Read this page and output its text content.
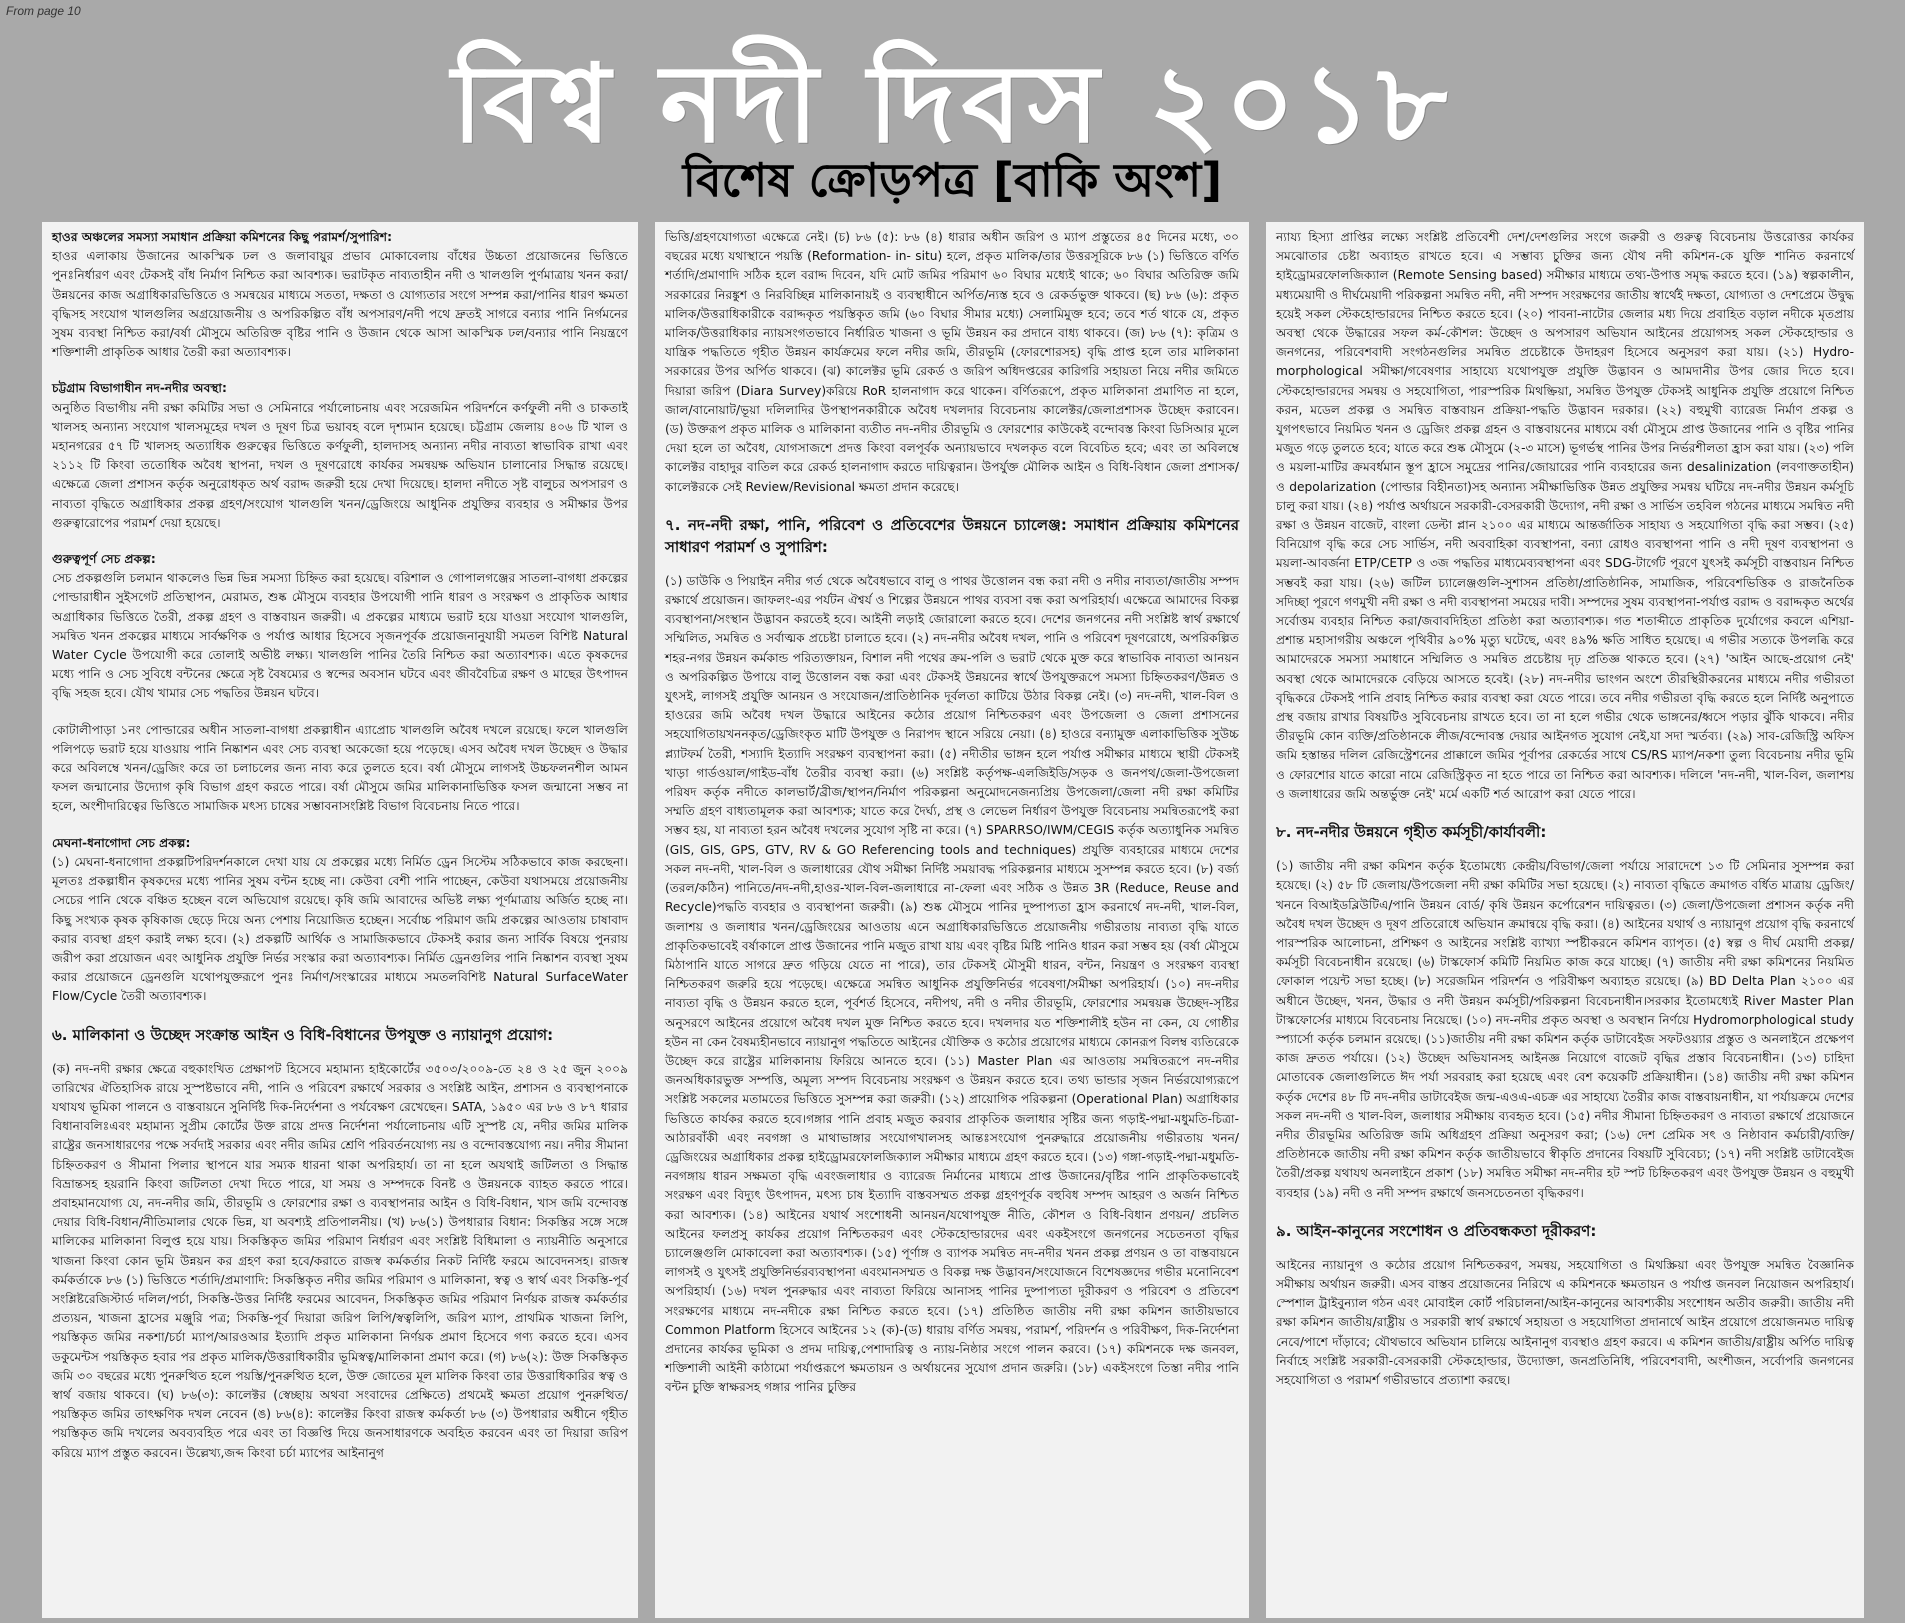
From page 10
বিশ্ব নদী দিবস ২০১৮
বিশেষ ক্রোড়পত্র [বাকি অংশ]

হাওর অঞ্চলের সমস্যা সমাধান প্রক্রিয়া কমিশনের কিছু পরামর্শ/সুপারিশ:
হাওর এলাকায় উজানের আকস্মিক ঢল ও জলাবায়ুর প্রভাব মোকাবেলায় বাঁধের উচ্চতা প্রয়োজনের ভিত্তিতে পুনঃনির্ধারণ এবং টেকসই বাঁধ নির্মাণ নিশ্চিত করা আবশ্যক। ভরাটকৃত নাব্যতাহীন নদী ও খালগুলি পুর্ণমাত্রায় খনন করা/উন্নয়নের কাজ অগ্রাধিকারভিত্তিতে ও সমন্বয়ের মাধ্যমে সততা, দক্ষতা ও যোগ্যতার সংগে সম্পন্ন করা/পানির ধারণ ক্ষমতা বৃদ্ধিসহ সংযোগ খালগুলির অগ্রয়োজনীয় ও অপরিকল্পিত বাঁধ অপসারণ/নদী পথে দ্রুতই সাগরে বন্যার পানি নির্গমনের সুষম ব্যবস্থা নিশ্চিত করা/বর্ষা মৌসুমে অতিরিক্ত বৃষ্টির পানি ও উজান থেকে আসা আকস্মিক ঢল/বন্যার পানি নিয়ন্ত্রণে শক্তিশালী প্রাকৃতিক আধার তৈরী করা অত্যাবশ্যক।

চট্টগ্রাম বিভাগাধীন নদ-নদীর অবস্থা:
অনুষ্ঠিত বিভাগীয় নদী রক্ষা কমিটির সভা ও সেমিনারে পর্যালোচনায় এবং সরেজমিন পরিদর্শনে কর্ণফুলী নদী ও চাকতাই খালসহ অন্যান্য সংযোগ খালসমূহের দখল ও দূষণ চিত্র ভয়াবহ বলে দৃশ্যমান হয়েছে। চট্টগ্রাম জেলায় ৪০৬ টি খাল ও মহানগরের ৫৭ টি খালসহ অত্যাধিক গুরুত্বের ভিত্তিতে কর্ণফুলী, হালদাসহ অন্যান্য নদীর নাব্যতা স্বাভাবিক রাখা এবং ২১১২ টি কিংবা ততোধিক অবৈধ স্থাপনা, দখল ও দূষণরোধে কার্যকর সমন্বয়ক্ষ অভিযান চালানোর সিদ্ধান্ত রয়েছে। এক্ষেত্রে জেলা প্রশাসন কর্তৃক অনুরোধকৃত অর্থ বরাদ্দ জরুরী হয়ে দেখা দিয়েছে। হালদা নদীতে সৃষ্ট বালুচর অপসারণ ও নাব্যতা বৃদ্ধিতে অগ্রাধিকার প্রকল্প গ্রহণ/সংযোগ খালগুলি খনন/ড্রেজিংয়ে আধুনিক প্রযুক্তির ব্যবহার ও সমীক্ষার উপর গুরুত্বারোপের পরামর্শ দেয়া হয়েছে।

গুরুত্বপূর্ণ সেচ প্রকল্প:
সেচ প্রকল্পগুলি চলমান থাকলেও ভিন্ন ভিন্ন সমস্যা চিহ্নিত করা হয়েছে। বরিশাল ও গোপালগঞ্জের সাতলা-বাগধা প্রকল্পের পোল্ডারাধীন সুইসগেট প্রতিস্থাপন, মেরামত, শুষ্ক মৌসুমে ব্যবহার উপযোগী পানি ধারণ ও সংরক্ষণ ও প্রাকৃতিক আধার অগ্রাধিকার ভিত্তিতে তৈরী, প্রকল্প গ্রহণ ও বাস্তবায়ন জরুরী। এ প্রকল্পের মাধ্যমে ভরাট হয়ে যাওয়া সংযোগ খালগুলি, সমন্বিত খনন প্রকল্পের মাধ্যমে সার্বক্ষণিক ও পর্যাপ্ত আধার হিসেবে সৃজনপূর্বক প্রয়োজনানুযায়ী সমতল বিশিষ্ট Natural Water Cycle উপযোগী করে তোলাই অভীষ্ট লক্ষ্য। খালগুলি পানির তৈরি নিশ্চিত করা অত্যাবশ্যক। এতে কৃষকদের মধ্যে পানি ও সেচ সুবিধে বন্টনের ক্ষেত্রে সৃষ্ট বৈষম্যের ও স্বন্দের অবসান ঘটবে এবং জীববৈচিত্র রক্ষণ ও মাছের উৎপাদন বৃদ্ধি সহজ হবে। যৌথ খামার সেচ পদ্ধতির উন্নয়ন ঘটবে।

কোটালীপাড়া ১নং পোল্ডারের অধীন সাতলা-বাগধা প্রকল্পাধীন এ্যাপ্রোচ খালগুলি অবৈধ দখলে রয়েছে। ফলে খালগুলি পলিপড়ে ভরাট হয়ে যাওয়ায় পানি নিষ্কাশন এবং সেচ ব্যবস্থা অকেজো হয়ে পড়েছে। এসব অবৈধ দখল উচ্ছেদ ও উদ্ধার করে অবিলম্বে খনন/ড্রেজিং করে তা চলাচলের জন্য নাব্য করে তুলতে হবে। বর্ষা মৌসুমে লাগসই উচ্চফলনশীল আমন ফসল জন্মানোর উদ্যোগ কৃষি বিভাগ গ্রহণ করতে পারে। বর্ষা মৌসুমে জমির মালিকানাভিত্তিক ফসল জন্মানো সম্ভব না হলে, অংশীদারিত্বের ভিত্তিতে সামাজিক মৎস্য চাষের সম্ভাবনাসংশ্লিষ্ট বিভাগ বিবেচনায় নিতে পারে।

মেঘনা-ধনাগোদা সেচ প্রকল্প:
(১) মেঘনা-ধনাগোদা প্রকল্পটিপরিদর্শনকালে দেখা যায় যে প্রকল্পের মধ্যে নির্মিত ড্রেন সিস্টেম সঠিকভাবে কাজ করছেনা। মূলতঃ প্রকল্পাধীন কৃষকদের মধ্যে পানির সুষম বন্টন হচ্ছে না। কেউবা বেশী পানি পাচ্ছেন, কেউবা যথাসময়ে প্রয়োজনীয় সেচের পানি থেকে বঞ্চিত হচ্ছেন বলে অভিযোগ রয়েছে। কৃষি জমি আবাদের অভিষ্ট লক্ষ্য পূর্ণমাত্রায় অর্জিত হচ্ছে না। কিছু সংখ্যক কৃষক কৃষিকাজ ছেড়ে দিয়ে অন্য পেশায় নিয়োজিত হচ্ছেন। সর্বোচ্চ পরিমাণ জমি প্রকল্পের আওতায় চাষাবাদ করার ব্যবস্থা গ্রহণ করাই লক্ষ্য হবে। (২) প্রকল্পটি আর্থিক ও সামাজিকভাবে টেকসই করার জন্য সার্বিক বিষয়ে পুনরায় জরীপ করা প্রয়োজন এবং আধুনিক প্রযুক্তি নির্ভর সংস্কার করা অত্যাবশ্যক। নির্মিত ড্রেনগুলির পানি নিষ্কাশন ব্যবস্থা সুষম করার প্রয়োজনে ড্রেনগুলি যথোপযুক্তরূপে পুনঃ নির্মাণ/সংস্কারের মাধ্যমে সমতলবিশিষ্ট Natural SurfaceWater Flow/Cycle তৈরী অত্যাবশ্যক।

৬. মালিকানা ও উচ্ছেদ সংক্রান্ত আইন ও বিধি-বিধানের উপযুক্ত ও ন্যায়ানুগ প্রয়োগ:

(ক) নদ-নদী রক্ষার ক্ষেত্রে বহুকাংখিত প্রেক্ষাপট হিসেবে মহামান্য হাইকোর্টের ৩৫০৩/২০০৯-তে ২৪ ও ২৫ জুন ২০০৯ তারিখের ঐতিহাসিক রায়ে সুস্পষ্টভাবে নদী, পানি ও পরিবেশ রক্ষার্থে সরকার ও সংশ্লিষ্ট আইন, প্রশাসন ও ব্যবস্থাপনাকে যথাযথ ভূমিকা পালনে ও বাস্তবায়নে সুনির্দিষ্ট দিক-নির্দেশনা ও পর্যবেক্ষণ রেখেছেন। SATA, ১৯৫০ এর ৮৬ ও ৮৭ ধারার বিধানাবলিঃএবং মহামান্য সুপ্রীম কোর্টের উক্ত রায়ে প্রদত্ত নির্দেশনা পর্যালোচনায় এটি সুস্পষ্ট যে, নদীর জমির মালিক রাষ্ট্রের জনসাধারণের পক্ষে সর্বদাই সরকার এবং নদীর জমির শ্রেণি পরিবর্তনযোগ্য নয় ও বন্দোবস্তযোগ্য নয়। নদীর সীমানা চিহ্নিতকরণ ও সীমানা পিলার স্থাপনে যার সম্যক ধারনা থাকা অপরিহার্য। তা না হলে অযথাই জটিলতা ও সিদ্ধান্ত বিভ্রান্তসহ হয়রানি কিংবা জটিলতা দেখা দিতে পারে, যা সময় ও সম্পদকে বিনষ্ট ও উন্নয়নকে ব্যাহত করতে পারে। প্রবাহমানযোগ্য যে, নদ-নদীর জমি, তীরভূমি ও ফোরশোর রক্ষা ও ব্যবস্থাপনার আইন ও বিধি-বিধান, খাস জমি বন্দোবস্ত দেয়ার বিধি-বিধান/নীতিমালার থেকে ভিন্ন, যা অবশ্যই প্রতিপালনীয়। (খ) ৮৬(১) উপধারার বিধান: সিকস্তির সঙ্গে সঙ্গে মালিকের মালিকানা বিলুপ্ত হয়ে যায়। সিকস্তিকৃত জমির পরিমাণ নির্ধারণ এবং সংশ্লিষ্ট বিধিমালা ও ন্যায়নীতি অনুসারে খাজনা কিংবা কোন ভূমি উন্নয়ন কর গ্রহণ করা হবে/করাতে রাজস্ব কর্মকর্তার নিকট নির্দিষ্ট ফরমে আবেদনসহ। রাজস্ব কর্মকর্তাকে ৮৬ (১) ভিত্তিতে শর্তাদি/প্রমাণাদি: সিকস্তিকৃত নদীর জমির পরিমাণ ও মালিকানা, স্বত্ব ও স্বার্থ এবং সিকস্তি-পূর্ব সংশ্লিষ্টরেজিস্টার্ড দলিল/পর্চা, সিকস্তি-উত্তর নির্দিষ্ট ফরমের আবেদন, সিকস্তিকৃত জমির পরিমাণ নির্ণয়ক রাজস্ব কর্মকর্তার প্রত্যয়ন, খাজনা হ্রাসের মঞ্জুরি পত্র; সিকস্তি-পূর্ব দিয়ারা জরিপ লিপি/স্বত্বলিপি, জরিপ ম্যাপ, প্রাথমিক খাজনা লিপি, পয়স্তিকৃত জমির নকশা/চর্চা ম্যাপ/আরওআর ইত্যাদি প্রকৃত মালিকানা নির্ণয়ক প্রমাণ হিসেবে গণ্য করতে হবে। এসব ডকুমেন্টস পয়স্তিকৃত হবার পর প্রকৃত মালিক/উত্তরাধিকারীর ভূমিস্বত্ব/মালিকানা প্রমাণ করে। (গ) ৮৬(২): উক্ত সিকস্তিকৃত জমি ৩০ বছরের মধ্যে পুনরুত্থিত হলে পয়স্তি/পুনরুত্থিত হলে, উক্ত জোতের মূল মালিক কিংবা তার উত্তরাধিকারির স্বত্ব ও স্বার্থ বজায় থাকবে। (ঘ) ৮৬(৩): কালেক্টর (স্বেচ্ছায় অথবা সংবাদের প্রেক্ষিতে) প্রথমেই ক্ষমতা প্রয়োগ পুনরুত্থিত/পয়স্তিকৃত জমির তাৎক্ষণিক দখল নেবেন (ঙ) ৮৬(৪): কালেক্টর কিংবা রাজস্ব কর্মকর্তা ৮৬ (৩) উপধারার অধীনে গৃহীত পয়স্তিকৃত জমি দখলের অবব্যবহিত পরে এবং তা বিজ্ঞপ্তি দিয়ে জনসাধারণকে অবহিত করবেন এবং তা দিয়ারা জরিপ করিয়ে ম্যাপ প্রস্তুত করবেন। উল্লেখ্য,জব্দ কিংবা চর্চা ম্যাপের আইনানুগ

ভিত্তি/গ্রহণযোগ্যতা এক্ষেত্রে নেই। (চ) ৮৬ (৫): ৮৬ (৪) ধারার অধীন জরিপ ও ম্যাপ প্রস্তুতের ৪৫ দিনের মধ্যে, ৩০ বছরের মধ্যে যথাস্থানে পয়স্তি (Reformation- in- situ) হলে, প্রকৃত মালিক/তার উত্তরসূরিকে ৮৬ (১) ভিত্তিতে বর্ণিত শর্তাদি/প্রমাণাদি সঠিক হলে বরাদ্দ দিবেন, যদি মোট জমির পরিমাণ ৬০ বিঘার মধ্যেই থাকে; ৬০ বিঘার অতিরিক্ত জমি সরকারের নিরঙ্কুশ ও নিরবিচ্ছিন্ন মালিকানায়ই ও ব্যবস্থাধীনে অর্পিত/ন্যস্ত হবে ও রেকর্ডভুক্ত থাকবে। (ছ) ৮৬ (৬): প্রকৃত মালিক/উত্তরাধিকারীকে বরাদ্দকৃত পয়স্তিকৃত জমি (৬০ বিঘার সীমার মধ্যে) সেলামিমুক্ত হবে; তবে শর্ত থাকে যে, প্রকৃত মালিক/উত্তরাধিকার ন্যায়সংগতভাবে নির্ধারিত খাজনা ও ভূমি উন্নয়ন কর প্রদানে বাধ্য থাকবে। (জ) ৮৬ (৭): কৃত্রিম ও যান্ত্রিক পদ্ধতিতে গৃহীত উন্নয়ন কার্যক্রমের ফলে নদীর জমি, তীরভূমি (ফোরশোরসহ) বৃদ্ধি প্রাপ্ত হলে তার মালিকানা সরকারের উপর অর্পিত থাকবে। (ঝ) কালেক্টর ভূমি রেকর্ড ও জরিপ অধিদপ্তরের কারিগরি সহায়তা নিয়ে নদীর জমিতে দিয়ারা জরিপ (Diara Survey)করিয়ে RoR হালনাগাদ করে থাকেন। বর্ণিতরূপে, প্রকৃত মালিকানা প্রমাণিত না হলে, জাল/বানোয়াট/ভূয়া দলিলাদির উপস্থাপনকারীকে অবৈধ দখলদার বিবেচনায় কালেক্টর/জেলাপ্রশাসক উচ্ছেদ করাবেন। (ড) উক্তরূপ প্রকৃত মালিক ও মালিকানা ব্যতীত নদ-নদীর তীরভূমি ও ফোরশোর কাউকেই বন্দোবস্ত কিংবা ডিসিআর মূলে দেয়া হলে তা অবৈধ, যোগসাজশে প্রদত্ত কিংবা বলপূর্বক অন্যায়ভাবে দখলকৃত বলে বিবেচিত হবে; এবং তা অবিলম্বে কালেক্টর বাহাদুর বাতিল করে রেকর্ড হালনাগাদ করতে দায়িত্বরান। উপর্যুক্ত মৌলিক আইন ও বিধি-বিধান জেলা প্রশাসক/কালেক্টরকে সেই Review/Revisional ক্ষমতা প্রদান করেছে।

৭. নদ-নদী রক্ষা, পানি, পরিবেশ ও প্রতিবেশের উন্নয়নে চ্যালেঞ্জ: সমাধান প্রক্রিয়ায় কমিশনের সাধারণ পরামর্শ ও সুপারিশ:

(১) ডাউকি ও পিয়াইন নদীর গর্ত থেকে অবৈধভাবে বালু ও পাথর উত্তোলন বন্ধ করা নদী ও নদীর নাব্যতা/জাতীয় সম্পদ রক্ষার্থে প্রয়োজন। জাফলং-এর পর্যটন ঐশ্বর্য ও শিল্পের উন্নয়নে পাথর ব্যবসা বন্ধ করা অপরিহার্য। এক্ষেত্রে আমাদের বিকল্প ব্যবস্থাপনা/সংস্থান উদ্ভাবন করতেই হবে। আইনী লড়াই জোরালো করতে হবে। দেশের জনগনের নদী সংশ্লিষ্ট স্বার্থ রক্ষার্থে সম্মিলিত, সমন্বিত ও সর্বাত্মক প্রচেষ্টা চালাতে হবে। (২) নদ-নদীর অবৈধ দখল, পানি ও পরিবেশ দূষণরোধে, অপরিকল্পিত শহর-নগর উন্নয়ন কর্মকান্ড পরিত্যক্তায়ন, বিশাল নদী পথের ক্রম-পলি ও ভরাট থেকে মুক্ত করে স্বাভাবিক নাব্যতা আনয়ন ও অপরিকল্পিত উপায়ে বালু উত্তোলন বন্ধ করা এবং টেকসই উন্নয়নের স্বার্থে উপযুক্তরূপে সমস্যা চিহ্নিতকরণ/উন্নত ও যুৎসই, লাগসই প্রযুক্তি আনয়ন ও সংযোজন/প্রাতিষ্ঠানিক দূর্বলতা কাটিয়ে উঠার বিকল্প নেই। (৩) নদ-নদী, খাল-বিল ও হাওরের জমি অবৈধ দখল উদ্ধারে আইনের কঠোর প্রয়োগ নিশ্চিতকরণ এবং উপজেলা ও জেলা প্রশাসনের সহযোগিতায়খননকৃত/ড্রেজিংকৃত মাটি উপযুক্ত ও নিরাপদ স্থানে সরিয়ে নেয়া। (৪) হাওরে বন্যামুক্ত এলাকাভিত্তিক সুউচ্চ প্ল্যাটফর্ম তৈরী, শস্যাদি ইত্যাদি সংরক্ষণ ব্যবস্থাপনা করা। (৫) নদীতীর ভাঙ্গন হলে পর্যাপ্ত সমীক্ষার মাধ্যমে স্থায়ী টেকসই খাড়া গার্ডওয়াল/গাইড-বাঁধ তৈরীর ব্যবস্থা করা। (৬) সংশ্লিষ্ট কর্তৃপক্ষ-এলজিইডি/সড়ক ও জনপথ/জেলা-উপজেলা পরিষদ কর্তৃক নদীতে কালভার্ট/ব্রীজ/স্থাপন/নির্মাণ পরিকল্পনা অনুমোদনেজন্যপ্রিয় উপজেলা/জেলা নদী রক্ষা কমিটির সম্মতি গ্রহণ বাধ্যতামূলক করা আবশ্যক; যাতে করে দৈর্ঘ্য, প্রস্থ ও লেভেল নির্ধারণ উপযুক্ত বিবেচনায় সমন্বিতরূপেই করা সম্ভব হয়, যা নাব্যতা হরন অবৈধ দখলের সুযোগ সৃষ্টি না করে। (৭) SPARRSO/IWM/CEGIS কর্তৃক অত্যাধুনিক সমন্বিত (GIS, GIS, GPS, GTV, RV & GO Referencing tools and techniques) প্রযুক্তি ব্যবহারের মাধ্যমে দেশের সকল নদ-নদী, খাল-বিল ও জলাধারের যৌথ সমীক্ষা নির্দিষ্ট সময়াবদ্ধ পরিকল্পনার মাধ্যমে সুসম্পন্ন করতে হবে। (৮) বর্জ্য (তরল/কঠিন) পানিতে/নদ-নদী,হাওর-খাল-বিল-জলাধারে না-ফেলা এবং সঠিক ও উন্নত 3R (Reduce, Reuse and Recycle)পদ্ধতি ব্যবহার ও ব্যবস্থাপনা জরুরী। (৯) শুষ্ক মৌসুমে পানির দুষ্পাপ্যতা হ্রাস করনার্থে নদ-নদী, খাল-বিল, জলাশয় ও জলাধার খনন/ড্রেজিংয়ের আওতায় এনে অগ্রাধিকারভিত্তিতে প্রয়োজনীয় গভীরতায় নাব্যতা বৃদ্ধি যাতে প্রাকৃতিকভাবেই বর্ষাকালে প্রাপ্ত উজানের পানি মজুত রাখা যায় এবং বৃষ্টির মিষ্টি পানিও ধারন করা সম্ভব হয় (বর্ষা মৌসুমে মিঠাপানি যাতে সাগরে দ্রুত গড়িয়ে যেতে না পারে), তার টেকসই মৌসুমী ধারন, বন্টন, নিয়ন্ত্রণ ও সংরক্ষণ ব্যবস্থা নিশ্চিতকরণ জরুরি হয়ে পড়েছে। এক্ষেত্রে সমন্বিত আধুনিক প্রযুক্তিনির্ভর গবেষণা/সমীক্ষা অপরিহার্য। (১০) নদ-নদীর নাব্যতা বৃদ্ধি ও উন্নয়ন করতে হলে, পূর্বশর্ত হিসেবে, নদীপথ, নদী ও নদীর তীরভূমি, ফোরশোর সমন্বয়ক্ক উচ্ছেদ-সৃষ্টির অনুসরণে আইনের প্রয়োগে অবৈধ দখল মুক্ত নিশ্চিত করতে হবে। দখলদার যত শক্তিশালীই হউন না কেন, যে গোষ্ঠীর হউন না কেন বৈষম্যহীনভাবে ন্যায়ানুগ পদ্ধতিতে আইনের যৌক্তিক ও কঠোর প্রয়োগের মাধ্যমে কোনরূপ বিলম্ব ব্যতিরেকে উচ্ছেদ করে রাষ্ট্রের মালিকানায় ফিরিয়ে আনতে হবে। (১১) Master Plan এর আওতায় সমন্বিতরূপে নদ-নদীর জনঅধিকারভুক্ত সম্পত্তি, অমূল্য সম্পদ বিবেচনায় সংরক্ষণ ও উন্নয়ন করতে হবে। তথ্য ভান্ডার সৃজন নির্ভরযোগ্যরূপে সংশ্লিষ্ট সকলের মতামতের ভিত্তিতে সুসম্পন্ন করা জরুরী। (১২) প্রায়োগিক পরিকল্পনা (Operational Plan) অগ্রাধিকার ভিত্তিতে কার্যকর করতে হবে।গঙ্গার পানি প্রবাহ মজুত করবার প্রাকৃতিক জলাধার সৃষ্টির জন্য গড়াই-পদ্মা-মধুমতি-চিত্রা-আঠারবাঁকী এবং নবগঙ্গা ও মাথাভাঙ্গার সংযোগখালসহ আন্তঃসংযোগ পুনরুদ্ধারে প্রয়োজনীয় গভীরতায় খনন/ড্রেজিংয়ের অগ্রাধিকার প্রকল্প হাইড্রোমরফোলজিক্যাল সমীক্ষার মাধ্যমে গ্রহণ করতে হবে। (১৩) গঙ্গা-গড়াই-পদ্মা-মধুমতি-নবগঙ্গায় ধারন সক্ষমতা বৃদ্ধি এবংজলাধার ও ব্যারেজ নির্মানের মাধ্যমে প্রাপ্ত উজানের/বৃষ্টির পানি প্রাকৃতিকভাবেই সংরক্ষণ এবং বিদ্যুৎ উৎপাদন, মৎস্য চাষ ইত্যাদি বাস্তবসম্মত প্রকল্প গ্রহণপূর্বক বহুবিধ সম্পদ আহরণ ও অর্জন নিশ্চিত করা আবশ্যক। (১৪) আইনের যথার্থ সংশোধনী আনয়ন/যথোপযুক্ত নীতি, কৌশল ও বিধি-বিধান প্রণয়ন/ প্রচলিত আইনের ফলপ্রসু কার্যকর প্রয়োগ নিশ্চিতকরণ এবং স্টেকহোল্ডারদের এবং একইসংগে জনগনের সচেতনতা বৃদ্ধির চ্যালেঞ্জগুলি মোকাবেলা করা অত্যাবশ্যক। (১৫) পূর্ণাঙ্গ ও ব্যাপক সমন্বিত নদ-নদীর খনন প্রকল্প প্রণয়ন ও তা বাস্তবায়নে লাগসই ও যুৎসই প্রযুক্তিনির্ভরব্যবস্থাপনা এবংমানসম্মত ও বিকল্প দক্ষ উদ্ভাবন/সংযোজনে বিশেষজ্ঞদের গভীর মনোনিবেশ অপরিহার্য। (১৬) দখল পুনরুদ্ধার এবং নাব্যতা ফিরিয়ে আনাসহ পানির দুষ্পাপ্যতা দূরীকরণ ও পরিবেশ ও প্রতিবেশ সংরক্ষণের মাধ্যমে নদ-নদীকে রক্ষা নিশ্চিত করতে হবে। (১৭) প্রতিষ্ঠিত জাতীয় নদী রক্ষা কমিশন জাতীয়ভাবে Common Platform হিসেবে আইনের ১২ (ক)-(ড) ধারায় বর্ণিত সমন্বয়, পরামর্শ, পরিদর্শন ও পরিবীক্ষণ, দিক-নির্দেশনা প্রদানের কার্যকর ভূমিকা ও প্রদম দায়িত্ব,পেশাদারিত্ব ও ন্যায়-নিষ্ঠার সংগে পালন করবে। (১৭) কমিশনকে দক্ষ জনবল, শক্তিশালী আইনী কাঠামো পর্যাপ্তরূপে ক্ষমতায়ন ও অর্থায়নের সুযোগ প্রদান জরুরি। (১৮) একইসংগে তিস্তা নদীর পানি বন্টন চুক্তি স্বাক্ষরসহ গঙ্গার পানির চুক্তির

ন্যায্য হিস্যা প্রাপ্তির লক্ষ্যে সংশ্লিষ্ট প্রতিবেশী দেশ/দেশগুলির সংগে জরুরী ও গুরুত্ব বিবেচনায় উত্তরোত্তর কার্যকর সমঝোতার চেষ্টা অব্যাহত রাখতে হবে। এ সম্ভাব্য চুক্তির জন্য যৌথ নদী কমিশন-কে যুক্তি শানিত করনার্থে হাইড্রোমরফোলজিক্যাল (Remote Sensing based) সমীক্ষার মাধ্যমে তথ্য-উপাত্ত সমৃদ্ধ করতে হবে। (১৯) স্বল্পকালীন, মধ্যমেয়াদী ও দীর্ঘমেয়াদী পরিকল্পনা সমন্বিত নদী, নদী সম্পদ সংরক্ষণের জাতীয় স্বার্থেই দক্ষতা, যোগ্যতা ও দেশপ্রেমে উদ্বুদ্ধ হয়েই সকল স্টেকহোল্ডারদের নিশ্চিত করতে হবে। (২০) পাবনা-নাটোর জেলার মধ্য দিয়ে প্রবাহিত বড়াল নদীকে মৃতপ্রায় অবস্থা থেকে উদ্ধারের সফল কর্ম-কৌশল: উচ্ছেদ ও অপসারণ অভিযান আইনের প্রয়োগসহ সকল স্টেকহোল্ডার ও জনগনের, পরিবেশবাদী সংগঠনগুলির সমন্বিত প্রচেষ্টাকে উদাহরণ হিসেবে অনুসরণ করা যায়। (২১) Hydro-morphological সমীক্ষা/গবেষণার সাহায্যে যথোপযুক্ত প্রযুক্তি উদ্ভাবন ও আমদানীর উপর জোর দিতে হবে। স্টেকহোল্ডারদের সমন্বয় ও সহযোগিতা, পারস্পরিক মিথষ্ক্রিয়া, সমন্বিত উপযুক্ত টেকসই আধুনিক প্রযুক্তি প্রয়োগে নিশ্চিত করন, মডেল প্রকল্প ও সমন্বিত বাস্তবায়ন প্রক্রিয়া-পদ্ধতি উদ্ভাবন দরকার। (২২) বহুমুখী ব্যারেজ নির্মাণ প্রকল্প ও যুগপৎভাবে নিয়মিত খনন ও ড্রেজিং প্রকল্প গ্রহন ও বাস্তবায়নের মাধ্যমে বর্ষা মৌসুমে প্রাপ্ত উজানের পানি ও বৃষ্টির পানির মজুত গড়ে তুলতে হবে; যাতে করে শুষ্ক মৌসুমে (২-৩ মাসে) ভূগর্ভস্থ পানির উপর নির্ভরশীলতা হ্রাস করা যায়। (২৩) পলি ও ময়লা-মাটির ক্রমবর্ধমান স্তূপ হ্রাসে সমুদ্রের পানির/জোয়ারের পানি ব্যবহারের জন্য desalinization (লবণাক্ততাহীন) ও depolarization (পোল্ডার বিহীনতা)সহ অন্যান্য সমীক্ষাভিত্তিক উন্নত প্রযুক্তির সমন্বয় ঘটিয়ে নদ-নদীর উন্নয়ন কর্মসূচি চালু করা যায়। (২৪) পর্যাপ্ত অর্থায়নে সরকারী-বেসরকারী উদ্যোগ, নদী রক্ষা ও সার্ভিস তহবিল গঠনের মাধ্যমে সমন্বিত নদী রক্ষা ও উন্নয়ন বাজেট, বাংলা ডেল্টা প্লান ২১০০ এর মাধ্যমে আন্তর্জাতিক সাহায্য ও সহযোগিতা বৃদ্ধি করা সম্ভব। (২৫) বিনিয়োগ বৃদ্ধি করে সেচ সার্ভিস, নদী অববাহিকা ব্যবস্থাপনা, বন্যা রোধও ব্যবস্থাপনা পানি ও নদী দূষণ ব্যবস্থাপনা ও ময়লা-আবর্জনা ETP/CETP ও ৩জ পদ্ধতির মাধ্যমেব্যবস্থাপনা এবং SDG-টার্গেট পূরণে যুৎসই কর্মসূচী বাস্তবায়ন নিশ্চিত সম্ভবই করা যায়। (২৬) জটিল চ্যালেঞ্জগুলি-সুশাসন প্রতিষ্ঠা/প্রাতিষ্ঠানিক, সামাজিক, পরিবেশভিত্তিক ও রাজনৈতিক সদিচ্ছা পূরণে গণমুখী নদী রক্ষা ও নদী ব্যবস্থাপনা সময়ের দাবী। সম্পদের সুষম ব্যবস্থাপনা-পর্যাপ্ত বরাদ্দ ও বরাদ্দকৃত অর্থের সর্বোত্তম ব্যবহার নিশ্চিত করা/জবাবদিহিতা প্রতিষ্ঠা করা অত্যাবশ্যক। গত শতাব্দীতে প্রাকৃতিক দুর্যোগের কবলে এশিয়া-প্রশান্ত মহাসাগরীয় অঞ্চলে পৃথিবীর ৯০% মৃত্যু ঘটেছে, এবং ৪৯% ক্ষতি সাধিত হয়েছে। এ গভীর সত্যকে উপলব্ধি করে আমাদেরকে সমস্যা সমাধানে সম্মিলিত ও সমন্বিত প্রচেষ্টায় দৃঢ় প্রতিজ্ঞ থাকতে হবে। (২৭) 'আইন আছে-প্রয়োগ নেই' অবস্থা থেকে আমাদেরকে বেড়িয়ে আসতে হবেই। (২৮) নদ-নদীর ভাংগন অংশে তীরস্থিরীকরনের মাধ্যমে নদীর গভীরতা বৃদ্ধিকরে টেকসই পানি প্রবাহ নিশ্চিত করার ব্যবস্থা করা যেতে পারে। তবে নদীর গভীরতা বৃদ্ধি করতে হলে নির্দিষ্ট অনুপাতে প্রস্থ বজায় রাখার বিষয়টিও সুবিবেচনায় রাখতে হবে। তা না হলে গভীর থেকে ভাঙ্গনের/ধ্বসে পড়ার ঝুঁকি থাকবে। নদীর তীরভূমি কোন ব্যক্তি/প্রতিষ্ঠানকে লীজ/বন্দোবস্ত দেয়ার আইনগত সুযোগ নেই,যা সদা স্মর্তব্য। (২৯) সাব-রেজিস্ট্রি অফিস জমি হস্তান্তর দলিল রেজিস্ট্রেশনের প্রাক্কালে জমির পূর্বাপর রেকর্ডের সাথে CS/RS ম্যাপ/নকশা তুল্য বিবেচনায় নদীর ভূমি ও ফোরশোর যাতে কারো নামে রেজিস্ট্রিকৃত না হতে পারে তা নিশ্চিত করা আবশ্যক। দলিলে 'নদ-নদী, খাল-বিল, জলাশয় ও জলাধারের জমি অন্তর্ভুক্ত নেই' মর্মে একটি শর্ত আরোপ করা যেতে পারে।

৮. নদ-নদীর উন্নয়নে গৃহীত কর্মসূচী/কার্যাবলী:

(১) জাতীয় নদী রক্ষা কমিশন কর্তৃক ইতোমধ্যে কেন্দ্রীয়/বিভাগ/জেলা পর্যায়ে সারাদেশে ১৩ টি সেমিনার সুসম্পন্ন করা হয়েছে। (২) ৫৮ টি জেলায়/উপজেলা নদী রক্ষা কমিটির সভা হয়েছে। (২) নাব্যতা বৃদ্ধিতে ক্রমাগত বর্ধিত মাত্রায় ড্রেজিং/খননে বিআইডব্লিউটিএ/পানি উন্নয়ন বোর্ড/ কৃষি উন্নয়ন কর্পোরেশন দায়িত্বরত। (৩) জেলা/উপজেলা প্রশাসন কর্তৃক নদী অবৈধ দখল উচ্ছেদ ও দূষণ প্রতিরোধে অভিযান ক্রমান্বয়ে বৃদ্ধি করা। (৪) আইনের যথার্থ ও ন্যায়ানুগ প্রয়োগ বৃদ্ধি করনার্থে পারস্পরিক আলোচনা, প্রশিক্ষণ ও আইনের সংশ্লিষ্ট ব্যাখ্যা স্পষ্টীকরনে কমিশন ব্যাপৃত। (৫) স্বল্প ও দীর্ঘ মেয়াদী প্রকল্প/কর্মসূচী বিবেচনাধীন রয়েছে। (৬) টাস্কফোর্স কমিটি নিয়মিত কাজ করে যাচ্ছে। (৭) জাতীয় নদী রক্ষা কমিশনের নিয়মিত ফোকাল পয়েন্ট সভা হচ্ছে। (৮) সরেজমিন পরিদর্শন ও পরিবীক্ষণ অব্যাহত রয়েছে। (৯) BD Delta Plan ২১০০ এর অধীনে উচ্ছেদ, খনন, উদ্ধার ও নদী উন্নয়ন কর্মসূচী/পরিকল্পনা বিবেচনাধীন।সরকার ইতোমধ্যেই River Master Plan টাস্কফোর্সের মাধ্যমে বিবেচনায় নিয়েছে। (১০) নদ-নদীর প্রকৃত অবস্থা ও অবস্থান নির্ণয়ে Hydromorphological study স্প্যার্সো কর্তৃক চলমান রয়েছে। (১১)জাতীয় নদী রক্ষা কমিশন কর্তৃক ডাটাবেইজ সফটওয়্যার প্রস্তুত ও অনলাইনে প্রক্ষেপণ কাজ দ্রুতত পর্যায়ে। (১২) উচ্ছেদ অভিযানসহ আইনজ্ঞ নিয়োগে বাজেট বৃদ্ধির প্রস্তাব বিবেচনাধীন। (১৩) চাহিদা মোতাবেক জেলাগুলিতে ঈদ পর্যা সরবরাহ করা হয়েছে এবং বেশ কয়েকটি প্রক্রিয়াধীন। (১৪) জাতীয় নদী রক্ষা কমিশন কর্তৃক দেশের ৪৮ টি নদ-নদীর ডাটাবেইজ জন্ম-এওএ-এচক্র এর সাহায্যে তৈরীর কাজ বাস্তবায়নাধীন, যা পর্যায়ক্রমে দেশের সকল নদ-নদী ও খাল-বিল, জলাধার সমীক্ষায় ব্যবহৃত হবে। (১৫) নদীর সীমানা চিহ্নিতকরণ ও নাব্যতা রক্ষার্থে প্রয়োজনে নদীর তীরভূমির অতিরিক্ত জমি অধিগ্রহণ প্রক্রিয়া অনুসরণ করা; (১৬) দেশ প্রেমিক সৎ ও নিষ্ঠাবান কর্মচারী/ব্যক্তি/প্রতিষ্ঠানকে জাতীয় নদী রক্ষা কমিশন কর্তৃক জাতীয়ভাবে স্বীকৃতি প্রদানের বিষয়টি সুবিবেচ্য; (১৭) নদী সংশ্লিষ্ট ডাটাবেইজ তৈরী/প্রকল্প যথাযথ অনলাইনে প্রকাশ (১৮) সমন্বিত সমীক্ষা নদ-নদীর হট স্পট চিহ্নিতকরণ এবং উপযুক্ত উন্নয়ন ও বহুমুখী ব্যবহার (১৯) নদী ও নদী সম্পদ রক্ষার্থে জনসচেতনতা বৃদ্ধিকরণ।

৯. আইন-কানুনের সংশোধন ও প্রতিবন্ধকতা দূরীকরণ:

আইনের ন্যায়ানুগ ও কঠোর প্রয়োগ নিশ্চিতকরণ, সমন্বয়, সহযোগিতা ও মিথস্ক্রিয়া এবং উপযুক্ত সমন্বিত বৈজ্ঞানিক সমীক্ষায় অর্থায়ন জরুরী। এসব বাস্তব প্রয়োজনের নিরিখে এ কমিশনকে ক্ষমতায়ন ও পর্যাপ্ত জনবল নিয়োজন অপরিহার্য। স্পেশাল ট্রাইবুন্যাল গঠন এবং মোবাইল কোর্ট পরিচালনা/আইন-কানুনের আবশ্যকীয় সংশোধন অতীব জরুরী। জাতীয় নদী রক্ষা কমিশন জাতীয়/রাষ্ট্রীয় ও সরকারী স্বার্থ রক্ষার্থে সহায়তা ও সহযোগিতা প্রদানার্থে আইন প্রয়োগে প্রয়োজনমত দায়িত্ব নেবে/পাশে দাঁড়াবে; যৌথভাবে অভিযান চালিয়ে আইনানুগ ব্যবস্থাও গ্রহণ করবে। এ কমিশন জাতীয়/রাষ্ট্রীয় অর্পিত দায়িত্ব নির্বাহে সংশ্লিষ্ট সরকারী-বেসরকারী স্টেকহোল্ডার, উদ্যোক্তা, জনপ্রতিনিধি, পরিবেশবাদী, অংশীজন, সর্বোপরি জনগনের সহযোগিতা ও পরামর্শ গভীরভাবে প্রত্যাশা করছে।
